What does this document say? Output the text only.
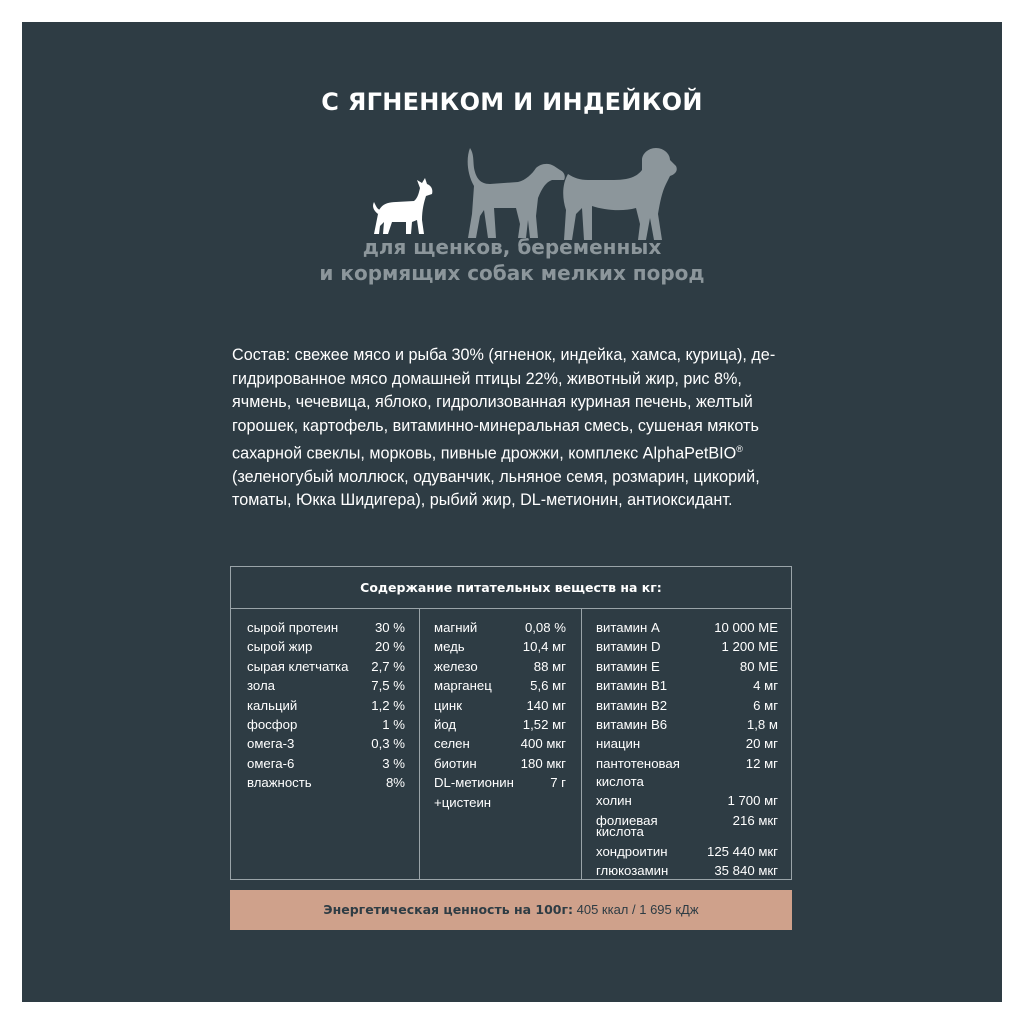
С ЯГНЕНКОМ И ИНДЕЙКОЙ
для щенков, беременных
и кормящих собак мелких пород
Состав: свежее мясо и рыба 30% (ягненок, индейка, хамса, курица), де-
гидрированное мясо домашней птицы 22%, животный жир, рис 8%,
ячмень, чечевица, яблоко, гидролизованная куриная печень, желтый
горошек, картофель, витаминно-минеральная смесь, сушеная мякоть
сахарной свеклы, морковь, пивные дрожжи, комплекс AlphaPetBIO®
(зеленогубый моллюск, одуванчик, льняное семя, розмарин, цикорий,
томаты, Юкка Шидигера), рыбий жир, DL-метионин, антиоксидант.
Содержание питательных веществ на кг:
сырой протеин	30 %
сырой жир	20 %
сырая клетчатка 2,7 %
зола	7,5 %
кальций	1,2 %
фосфор	1 %
омега-3	0,3 %
омега-6	3 %
влажность	8%
магний	0,08 %
медь	10,4 мг
железо	88 мг
марганец	5,6 мг
цинк	140 мг
йод	1,52 мг
селен	400 мкг
биотин	180 мкг
DL-метионин	7 г
+цистеин
витамин А	10 000 МЕ
витамин D	1 200 МЕ
витамин Е	80 МЕ
витамин В1	4 мг
витамин В2	6 мг
витамин В6	1,8 м
ниацин	20 мг
пантотеновая	12 мг
кислота
холин	1 700 мг
фолиевая	216 мкг
кислота
хондроитин	125 440 мкг
глюкозамин	35 840 мкг
Энергетическая ценность на 100г: 405 ккал / 1 695 кДж
